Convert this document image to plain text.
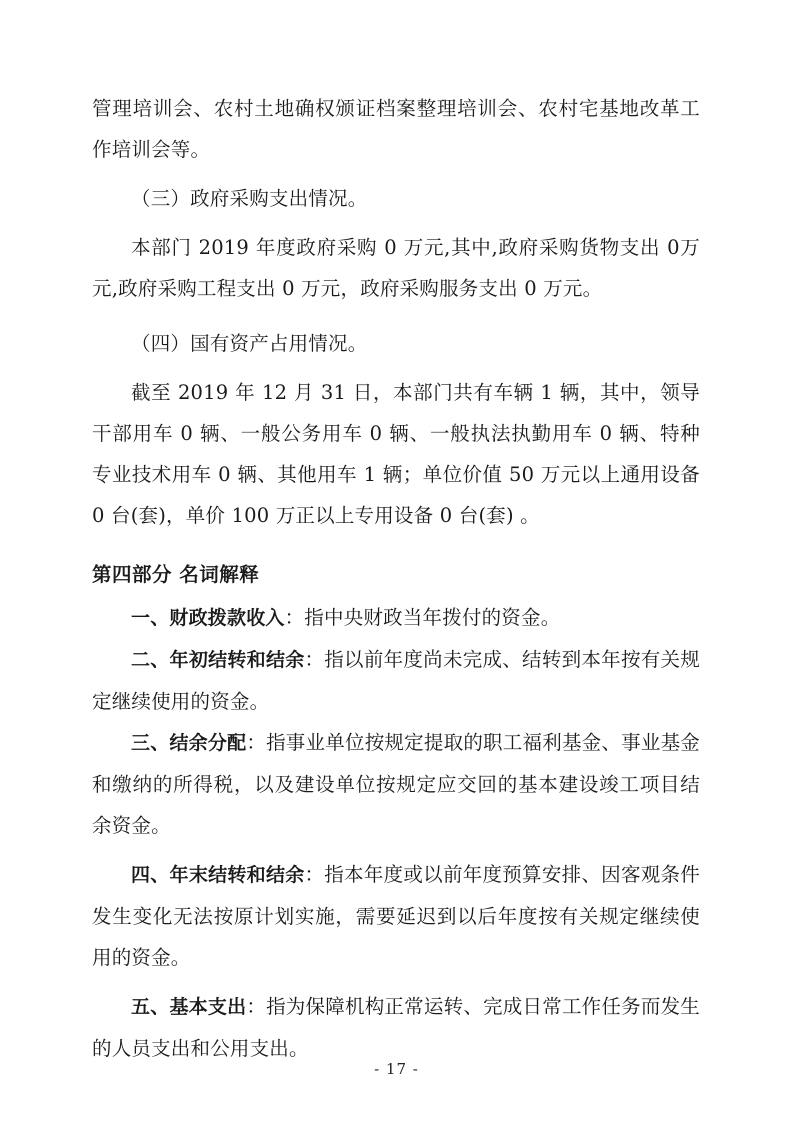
管理培训会、农村土地确权颁证档案整理培训会、农村宅基地改革工作培训会等。

（三）政府采购支出情况。

本部门 2019 年度政府采购 0 万元,其中,政府采购货物支出 0万元,政府采购工程支出 0 万元，政府采购服务支出 0 万元。

（四）国有资产占用情况。

截至 2019 年 12 月 31 日，本部门共有车辆 1 辆，其中，领导干部用车 0 辆、一般公务用车 0 辆、一般执法执勤用车 0 辆、特种专业技术用车 0 辆、其他用车 1 辆；单位价值 50 万元以上通用设备 0 台(套)，单价 100 万正以上专用设备 0 台(套) 。

第四部分 名词解释

一、财政拨款收入：指中央财政当年拨付的资金。

二、年初结转和结余：指以前年度尚未完成、结转到本年按有关规定继续使用的资金。

三、结余分配：指事业单位按规定提取的职工福利基金、事业基金和缴纳的所得税，以及建设单位按规定应交回的基本建设竣工项目结余资金。

四、年末结转和结余：指本年度或以前年度预算安排、因客观条件发生变化无法按原计划实施，需要延迟到以后年度按有关规定继续使用的资金。

五、基本支出：指为保障机构正常运转、完成日常工作任务而发生的人员支出和公用支出。

- 17 -
